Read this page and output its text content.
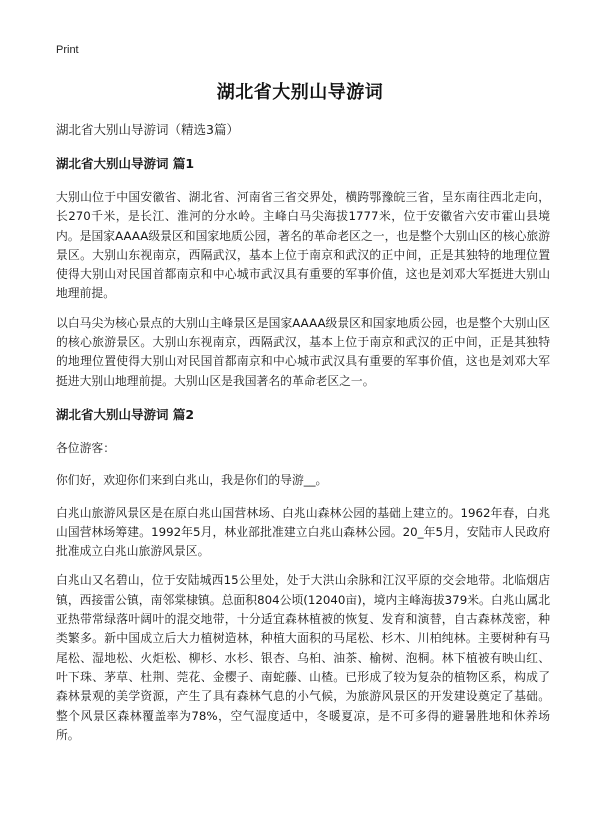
Print
湖北省大别山导游词
湖北省大别山导游词（精选3篇）
湖北省大别山导游词 篇1

大别山位于中国安徽省、湖北省、河南省三省交界处，横跨鄂豫皖三省，呈东南往西北走向，长270千米，是长江、淮河的分水岭。主峰白马尖海拔1777米，位于安徽省六安市霍山县境内。是国家AAAA级景区和国家地质公园，著名的革命老区之一，也是整个大别山区的核心旅游景区。大别山东视南京，西隔武汉，基本上位于南京和武汉的正中间，正是其独特的地理位置使得大别山对民国首都南京和中心城市武汉具有重要的军事价值，这也是刘邓大军挺进大别山地理前提。

以白马尖为核心景点的大别山主峰景区是国家AAAA级景区和国家地质公园，也是整个大别山区的核心旅游景区。大别山东视南京，西隔武汉，基本上位于南京和武汉的正中间，正是其独特的地理位置使得大别山对民国首都南京和中心城市武汉具有重要的军事价值，这也是刘邓大军挺进大别山地理前提。大别山区是我国著名的革命老区之一。

湖北省大别山导游词 篇2

各位游客：

你们好，欢迎你们来到白兆山，我是你们的导游__。

白兆山旅游风景区是在原白兆山国营林场、白兆山森林公园的基础上建立的。1962年春，白兆山国营林场筹建。1992年5月，林业部批准建立白兆山森林公园。20_年5月，安陆市人民政府批准成立白兆山旅游风景区。

白兆山又名碧山，位于安陆城西15公里处，处于大洪山余脉和江汉平原的交会地带。北临烟店镇，西接雷公镇，南邻棠棣镇。总面积804公顷(12040亩)，境内主峰海拔379米。白兆山属北亚热带常绿落叶阔叶的混交地带，十分适宜森林植被的恢复、发育和演替，自古森林茂密，种类繁多。新中国成立后大力植树造林，种植大面积的马尾松、杉木、川柏纯林。主要树种有马尾松、湿地松、火炬松、柳杉、水杉、银杏、乌桕、油茶、榆树、泡桐。林下植被有映山红、叶下珠、茅草、杜荆、莞花、金樱子、南蛇藤、山楂。已形成了较为复杂的植物区系，构成了森林景观的美学资源，产生了具有森林气息的小气候，为旅游风景区的开发建设奠定了基础。整个风景区森林覆盖率为78%，空气湿度适中，冬暖夏凉，是不可多得的避暑胜地和休养场所。
